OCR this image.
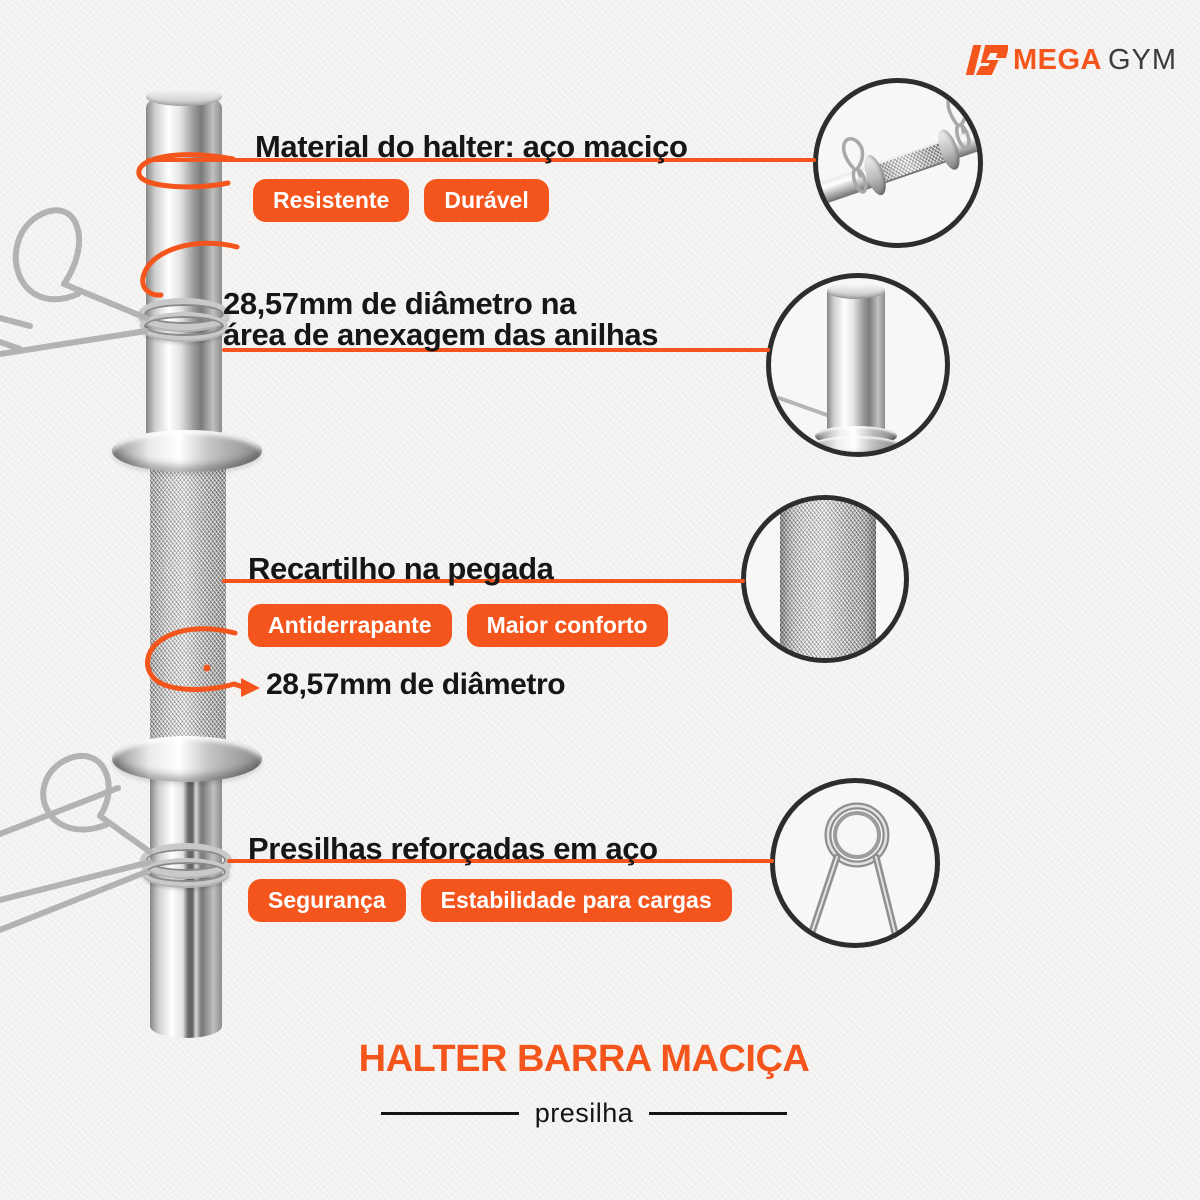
MEGA GYM
Material do halter: aço maciço
Resistente	Durável
28,57mm de diâmetro na
área de anexagem das anilhas
Recartilho na pegada
Antiderrapante	Maior conforto
28,57mm de diâmetro
Presilhas reforçadas em aço
Segurança	Estabilidade para cargas
HALTER BARRA MACIÇA
presilha
